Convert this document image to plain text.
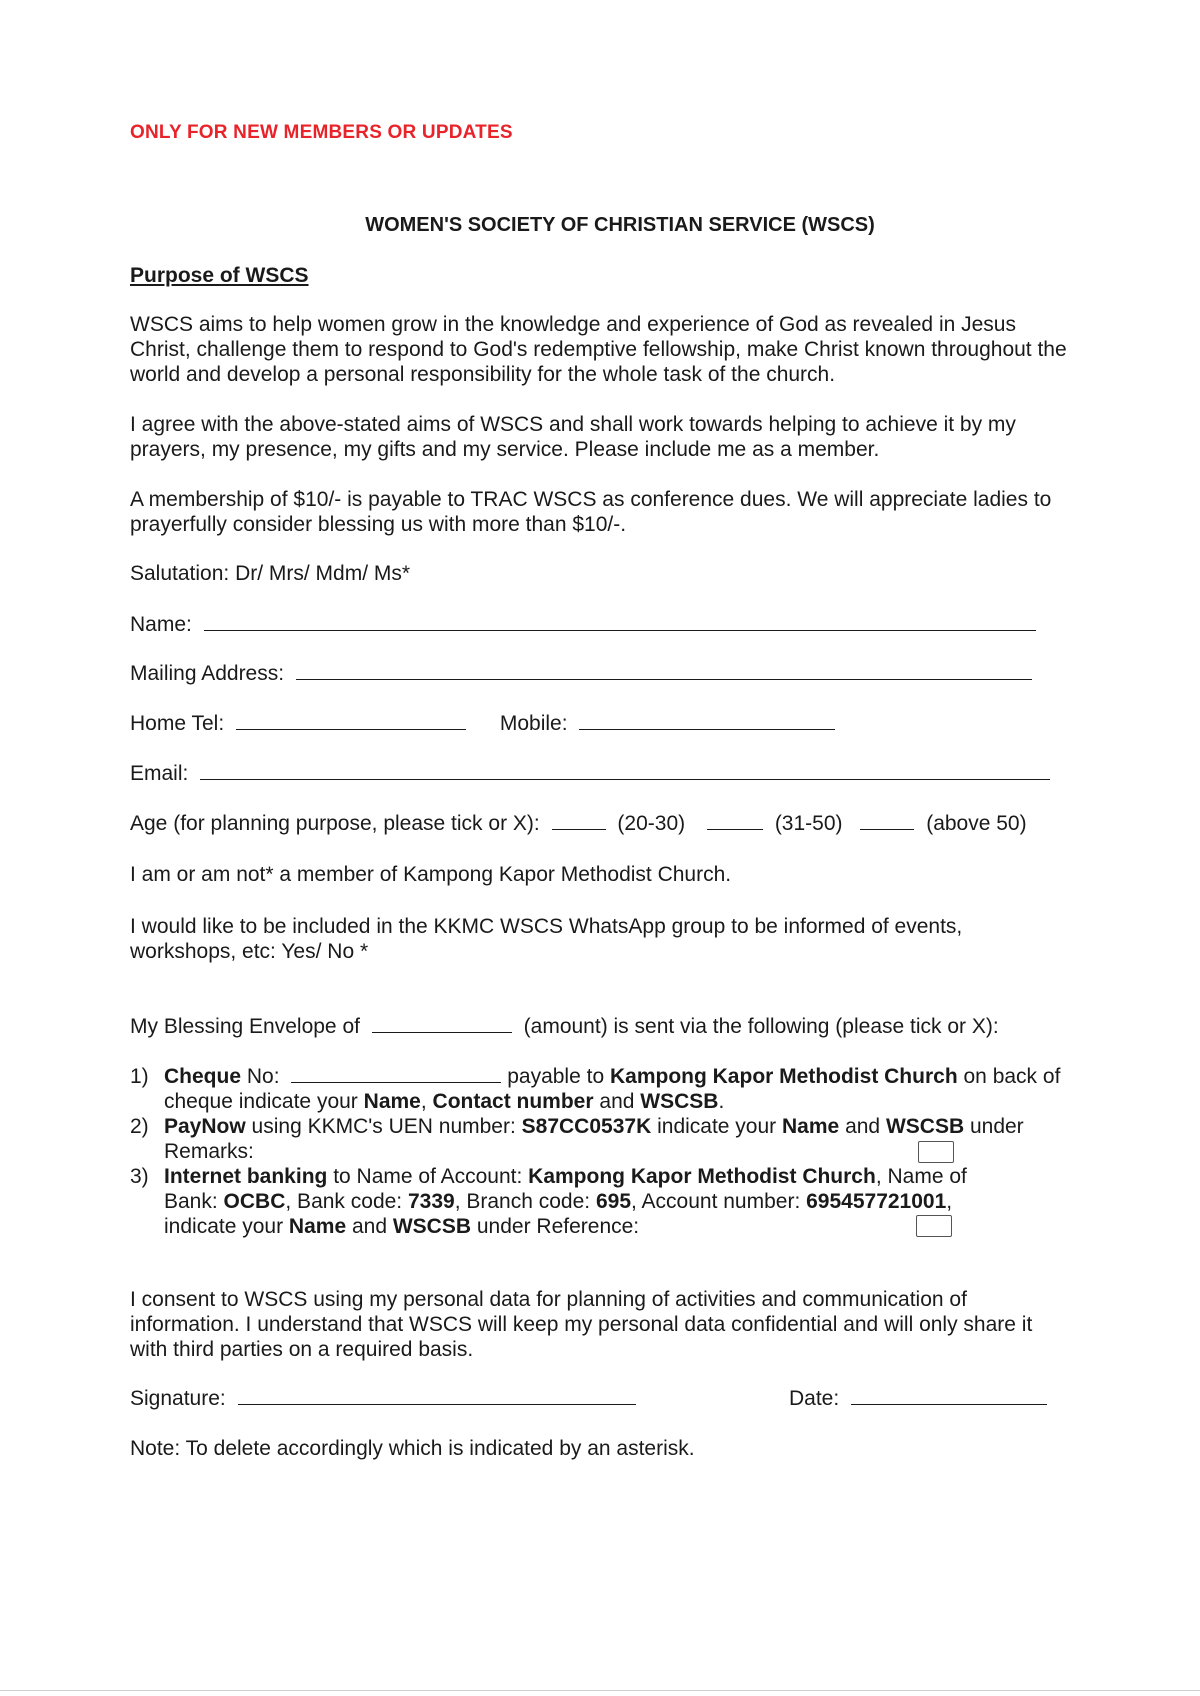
ONLY FOR NEW MEMBERS OR UPDATES
WOMEN'S SOCIETY OF CHRISTIAN SERVICE (WSCS)
Purpose of WSCS
WSCS aims to help women grow in the knowledge and experience of God as revealed in Jesus Christ, challenge them to respond to God's redemptive fellowship, make Christ known throughout the world and develop a personal responsibility for the whole task of the church.
I agree with the above-stated aims of WSCS and shall work towards helping to achieve it by my prayers, my presence, my gifts and my service. Please include me as a member.
A membership of $10/- is payable to TRAC WSCS as conference dues. We will appreciate ladies to prayerfully consider blessing us with more than $10/-.
Salutation: Dr/ Mrs/ Mdm/ Ms*
Name:
Mailing Address:
Home Tel:	Mobile:
Email:
Age (for planning purpose, please tick or X):	(20-30)	(31-50)	(above 50)
I am or am not* a member of Kampong Kapor Methodist Church.
I would like to be included in the KKMC WSCS WhatsApp group to be informed of events, workshops, etc: Yes/ No *
My Blessing Envelope of	(amount) is sent via the following (please tick or X):
1) Cheque No:	payable to Kampong Kapor Methodist Church on back of cheque indicate your Name, Contact number and WSCSB.
2) PayNow using KKMC's UEN number: S87CC0537K indicate your Name and WSCSB under Remarks:
3) Internet banking to Name of Account: Kampong Kapor Methodist Church, Name of Bank: OCBC, Bank code: 7339, Branch code: 695, Account number: 695457721001, indicate your Name and WSCSB under Reference:
I consent to WSCS using my personal data for planning of activities and communication of information. I understand that WSCS will keep my personal data confidential and will only share it with third parties on a required basis.
Signature:	Date:
Note: To delete accordingly which is indicated by an asterisk.
